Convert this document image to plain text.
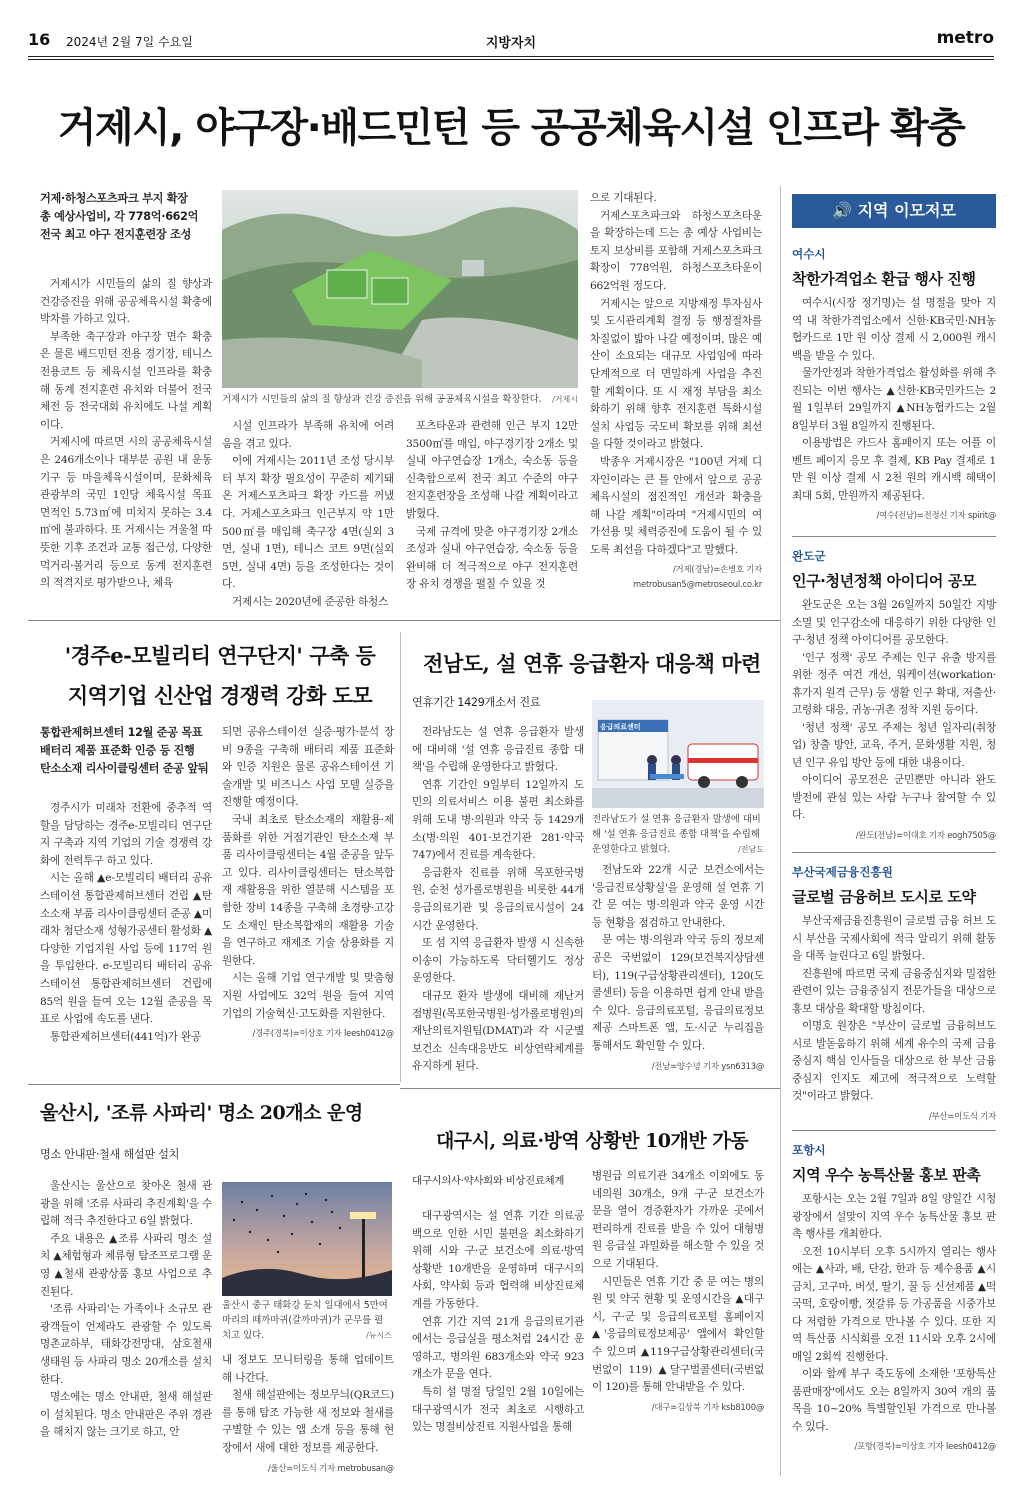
16 2024년 2월 7일 수요일	지방자치	metro
거제시, 야구장·배드민턴 등 공공체육시설 인프라 확충
거제·하청스포츠파크 부지 확장
총 예상사업비, 각 778억·662억
전국 최고 야구 전지훈련장 조성

거제시가 시민들의 삶의 질 향상과 건강증진을 위해 공공체육시설 확충에 박차를 가하고 있다.

부족한 축구장과 야구장 면수 확충은 물론 배드민턴 전용 경기장, 테니스 전용코트 등 체육시설 인프라를 확충해 동계 전지훈련 유치와 더불어 전국체전 등 전국대회 유치에도 나설 계획이다.

거제시에 따르면 시의 공공체육시설은 246개소이나 대부분 공원 내 운동기구 등 마을체육시설이며, 문화체육관광부의 국민 1인당 체육시설 목표 면적인 5.73㎡에 미치지 못하는 3.4㎡에 불과하다. 또 거제시는 겨울철 따뜻한 기후 조건과 교통 접근성, 다양한 먹거리·볼거리 등으로 동계 전지훈련의 적격지로 평가받으나, 체육

거제시가 시민들의 삶의 질 향상과 건강 증진을 위해 공공체육시설을 확장한다. /거제시

시설 인프라가 부족해 유치에 어려움을 겪고 있다.

이에 거제시는 2011년 조성 당시부터 부지 확장 필요성이 꾸준히 제기돼 온 거제스포츠파크 확장 카드를 꺼냈다. 거제스포츠파크 인근부지 약 1만 500㎡를 매입해 축구장 4면(실외 3면, 실내 1면), 테니스 코트 9면(실외 5면, 실내 4면) 등을 조성한다는 것이다.

거제시는 2020년에 준공한 하청스

포츠타운과 관련해 인근 부지 12만 3500㎡를 매입, 야구경기장 2개소 및 실내 야구연습장 1개소, 숙소동 등을 신축함으로써 전국 최고 수준의 야구 전지훈련장을 조성해 나갈 계획이라고 밝혔다.

국제 규격에 맞춘 야구경기장 2개소 조성과 실내 야구연습장, 숙소동 등을 완비해 더 적극적으로 야구 전지훈련장 유치 경쟁을 펼칠 수 있을 것

으로 기대된다.

거제스포츠파크와 하청스포츠타운을 확장하는데 드는 총 예상 사업비는 토지 보상비를 포함해 거제스포츠파크 확장이 778억원, 하청스포츠타운이 662억원 정도다.

거제시는 앞으로 지방재정 투자심사 및 도시관리계획 결정 등 행정절차를 차질없이 밟아 나갈 예정이며, 많은 예산이 소요되는 대규모 사업임에 따라 단계적으로 더 면밀하게 사업을 추진할 계획이다. 또 시 재정 부담을 최소화하기 위해 향후 전지훈련 특화시설 설치 사업등 국도비 확보를 위해 최선을 다할 것이라고 밝혔다.

박종우 거제시장은 "100년 거제 디자인이라는 큰 틀 안에서 앞으로 공공체육시설의 점진적인 개선과 확충을 해 나갈 계획"이라며 "거제시민의 여가선용 및 체력증진에 도움이 될 수 있도록 최선을 다하겠다"고 말했다.

/거제(경남)=손병호 기자
metrobusan5@metroseoul.co.kr
'경주e-모빌리티 연구단지' 구축 등
지역기업 신산업 경쟁력 강화 도모
통합관제허브센터 12월 준공 목표
배터리 제품 표준화 인증 등 진행
탄소소재 리사이클링센터 준공 앞둬

경주시가 미래차 전환에 중추적 역할을 담당하는 경주e-모빌리티 연구단지 구축과 지역 기업의 기술 경쟁력 강화에 전력투구 하고 있다.

시는 올해 ▲e-모빌리티 배터리 공유스테이션 통합관제허브센터 건립 ▲탄소소재 부품 리사이클링센터 준공 ▲미래차 첨단소재 성형가공센터 활성화 ▲다양한 기업지원 사업 등에 117억 원을 투입한다. e-모빌리티 배터리 공유스테이션 통합관제허브센터 건립에 85억 원을 들여 오는 12월 준공을 목표로 사업에 속도를 낸다.

통합관제허브센터(441억)가 완공

되면 공유스테이션 실증·평가·분석 장비 9종을 구축해 배터리 제품 표준화와 인증 지원은 물론 공유스테이션 기술개발 및 비즈니스 사업 모델 실증을 진행할 예정이다.

국내 최초로 탄소소재의 재활용·제품화를 위한 거점기관인 탄소소재 부품 리사이클링센터는 4월 준공을 앞두고 있다. 리사이클링센터는 탄소복합재 재활용을 위한 열분해 시스템을 포함한 장비 14종을 구축해 초경량·고강도 소재인 탄소복합재의 재활용 기술을 연구하고 재제조 기술 상용화를 지원한다.

시는 올해 기업 연구개발 및 맞춤형 지원 사업에도 32억 원을 들여 지역 기업의 기술혁신·고도화를 지원한다.

/경주(경북)=이상호 기자 leesh0412@
전남도, 설 연휴 응급환자 대응책 마련
연휴기간 1429개소서 진료

전라남도는 설 연휴 응급환자 발생에 대비해 '설 연휴 응급진료 종합 대책'을 수립해 운영한다고 밝혔다.

연휴 기간인 9일부터 12일까지 도민의 의료서비스 이용 불편 최소화를 위해 도내 병·의원과 약국 등 1429개소(병·의원 401·보건기관 281·약국 747)에서 진료를 계속한다.

응급환자 진료를 위해 목포한국병원, 순천 성가롤로병원을 비롯한 44개 응급의료기관 및 응급의료시설이 24시간 운영한다.

또 섬 지역 응급환자 발생 시 신속한 이송이 가능하도록 닥터헬기도 정상 운영한다.

대규모 환자 발생에 대비해 재난거점병원(목포한국병원·성가롤로병원)의 재난의료지원팀(DMAT)과 각 시군별 보건소 신속대응반도 비상연락체계를 유지하게 된다.

응급의료센터
전라남도가 설 연휴 응급환자 발생에 대비해 '설 연휴 응급진료 종합 대책'을 수립해 운영한다고 밝혔다.	/전남도

전남도와 22개 시군 보건소에서는 '응급진료상황실'을 운영해 설 연휴 기간 문 여는 병·의원과 약국 운영 시간 등 현황을 점검하고 안내한다.

문 여는 병·의원과 약국 등의 정보제공은 국번없이 129(보건복지상담센터), 119(구급상황관리센터), 120(도 콜센터) 등을 이용하면 쉽게 안내 받을 수 있다. 응급의료포털, 응급의료정보제공 스마트폰 앱, 도·시군 누리집을 통해서도 확인할 수 있다.

/전남=양수녕 기자 ysn6313@
울산시, '조류 사파리' 명소 20개소 운영
명소 안내판·철새 해설판 설치

울산시는 울산으로 찾아온 철새 관광을 위해 '조류 사파리 추진계획'을 수립해 적극 추진한다고 6일 밝혔다.

주요 내용은 ▲조류 사파리 명소 설치 ▲체험형과 체류형 탐조프로그램 운영 ▲철새 관광상품 홍보 사업으로 추진된다.

'조류 사파리'는 가족이나 소규모 관광객들이 언제라도 관광할 수 있도록 명촌교하부, 태화강전망대, 삼호철새생태원 등 사파리 명소 20개소를 설치한다.

명소에는 명소 안내판, 철새 해설판이 설치된다. 명소 안내판은 주위 경관을 해치지 않는 크기로 하고, 안

울산시 중구 태화강 둔치 일대에서 5만여마리의 떼까마귀(갈까마귀)가 군무를 펼치고 있다.	/뉴시스

내 정보도 모니터링을 통해 업데이트 해 나간다.

철새 해설판에는 정보무늬(QR코드)를 통해 탐조 가능한 새 정보와 철새를 구별할 수 있는 앱 소개 등을 통해 현장에서 새에 대한 정보를 제공한다.

/울산=이도식 기자 metrobusan@
대구시, 의료·방역 상황반 10개반 가동
대구시의사·약사회와 비상진료체계

대구광역시는 설 연휴 기간 의료공백으로 인한 시민 불편을 최소화하기 위해 시와 구·군 보건소에 의료·방역 상황반 10개반을 운영하며 대구시의사회, 약사회 등과 협력해 비상진료체계를 가동한다.

연휴 기간 지역 21개 응급의료기관에서는 응급실을 평소처럼 24시간 운영하고, 병의원 683개소와 약국 923개소가 문을 연다.

특히 설 명절 당일인 2월 10일에는 대구광역시가 전국 최초로 시행하고 있는 명절비상진료 지원사업을 통해

병원급 의료기관 34개소 이외에도 동네의원 30개소, 9개 구·군 보건소가 문을 열어 경증환자가 가까운 곳에서 편리하게 진료를 받을 수 있어 대형병원 응급실 과밀화를 해소할 수 있을 것으로 기대된다.

시민들은 연휴 기간 중 문 여는 병의원 및 약국 현황 및 운영시간을 ▲대구시, 구·군 및 응급의료포털 홈페이지 ▲'응급의료정보제공' 앱에서 확인할 수 있으며 ▲119구급상황관리센터(국번없이 119) ▲달구벌콜센터(국번없이 120)를 통해 안내받을 수 있다.

/대구=김상북 기자 ksb8100@
🔊 지역 이모저모
여수시
착한가격업소 환급 행사 진행

여수시(시장 정기명)는 설 명절을 맞아 지역 내 착한가격업소에서 신한·KB국민·NH농협카드로 1만 원 이상 결제 시 2,000원 캐시백을 받을 수 있다.

물가안정과 착한가격업소 활성화를 위해 추진되는 이번 행사는 ▲신한·KB국민카드는 2월 1일부터 29일까지 ▲NH농협카드는 2월 8일부터 3월 8일까지 진행된다.

이용방법은 카드사 홈페이지 또는 어플 이벤트 페이지 응모 후 결제, KB Pay 결제로 1만 원 이상 결제 시 2천 원의 캐시백 혜택이 최대 5회, 만원까지 제공된다.

/여수(전남)=전정신 기자 spirit@
완도군
인구·청년정책 아이디어 공모

완도군은 오는 3월 26일까지 50일간 지방소멸 및 인구감소에 대응하기 위한 다양한 인구·청년 정책 아이디어를 공모한다.

'인구 정책' 공모 주제는 인구 유출 방지를 위한 정주 여건 개선, 워케이션(workation·휴가지 원격 근무) 등 생활 인구 확대, 저출산·고령화 대응, 귀농·귀촌 정착 지원 등이다.

'청년 정책' 공모 주제는 청년 일자리(취창업) 창출 방안, 교육, 주거, 문화생활 지원, 청년 인구 유입 방안 등에 대한 내용이다.

아이디어 공모전은 군민뿐만 아니라 완도 발전에 관심 있는 사람 누구나 참여할 수 있다.

/완도(전남)=이대호 기자 eogh7505@
부산국제금융진흥원
글로벌 금융허브 도시로 도약

부산국제금융진흥원이 글로벌 금융 허브 도시 부산을 국제사회에 적극 알리기 위해 활동을 대폭 늘린다고 6일 밝혔다.

진흥원에 따르면 국제 금융중심지와 밀접한 관련이 있는 금융중심지 전문가들을 대상으로 홍보 대상을 확대할 방침이다.

이명호 원장은 "부산이 글로벌 금융허브도시로 발돋움하기 위해 세계 유수의 국제 금융중심지 핵심 인사들을 대상으로 한 부산 금융중심지 인지도 제고에 적극적으로 노력할 것"이라고 밝혔다.

/부산=이도식 기자
포항시
지역 우수 농특산물 홍보 판촉

포항시는 오는 2월 7일과 8일 양일간 시청 광장에서 설맞이 지역 우수 농특산물 홍보 판촉 행사를 개최한다.

오전 10시부터 오후 5시까지 열리는 행사에는 ▲사과, 배, 단감, 한과 등 제수용품 ▲시금치, 고구마, 버섯, 딸기, 꿀 등 신선제품 ▲떡국떡, 호랑이빵, 젓갈류 등 가공품을 시중가보다 저렴한 가격으로 만나볼 수 있다. 또한 지역 특산품 시식회를 오전 11시와 오후 2시에 매일 2회씩 진행한다.

이와 함께 부구 죽도동에 소재한 '포항특산품판매장'에서도 오는 8일까지 30여 개의 품목을 10~20% 특별할인된 가격으로 만나볼 수 있다.

/포항(경북)=이상호 기자 leesh0412@
